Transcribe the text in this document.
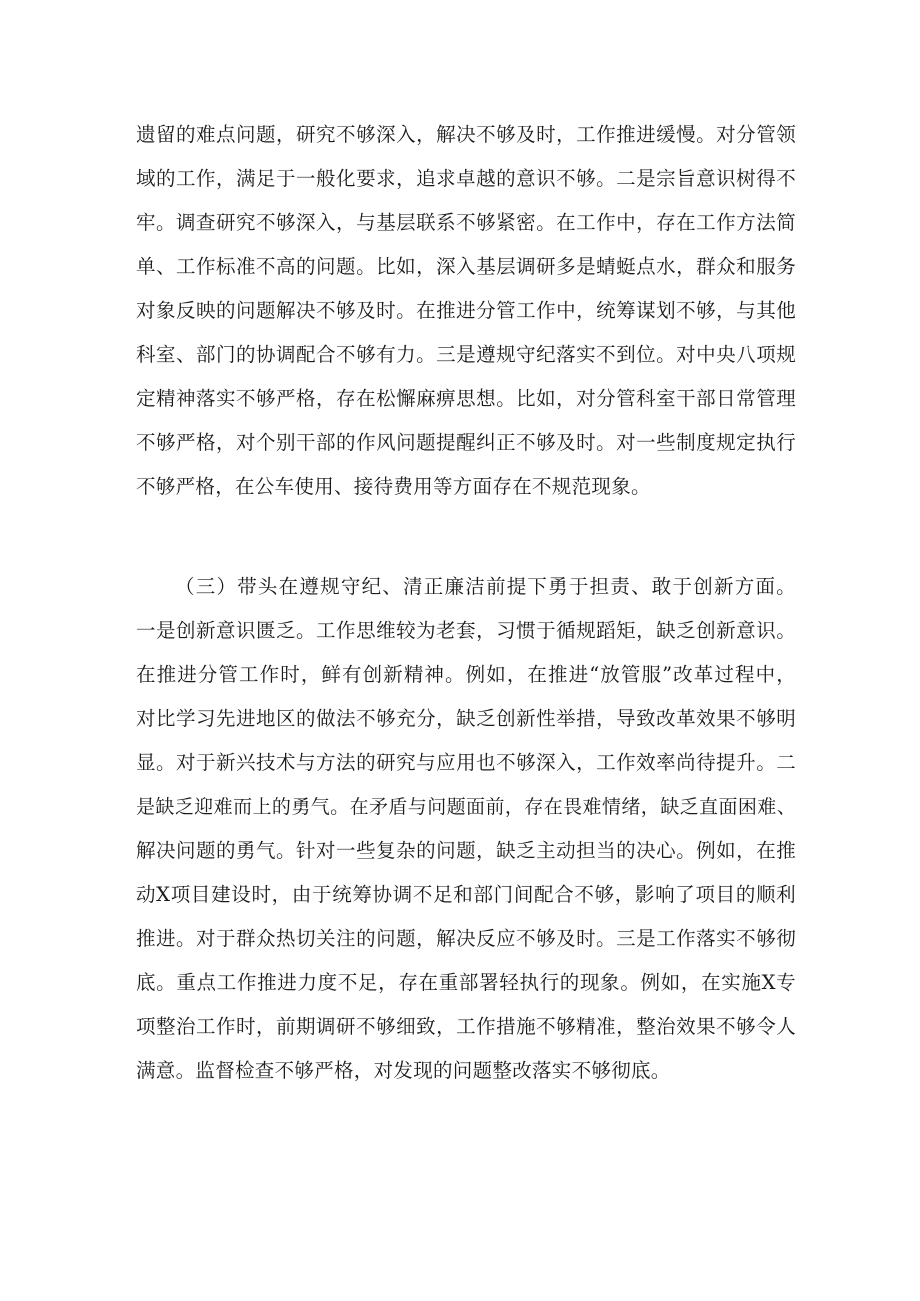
遗留的难点问题，研究不够深入，解决不够及时，工作推进缓慢。对分管领
域的工作，满足于一般化要求，追求卓越的意识不够。二是宗旨意识树得不
牢。调查研究不够深入，与基层联系不够紧密。在工作中，存在工作方法简
单、工作标准不高的问题。比如，深入基层调研多是蜻蜓点水，群众和服务
对象反映的问题解决不够及时。在推进分管工作中，统筹谋划不够，与其他
科室、部门的协调配合不够有力。三是遵规守纪落实不到位。对中央八项规
定精神落实不够严格，存在松懈麻痹思想。比如，对分管科室干部日常管理
不够严格，对个别干部的作风问题提醒纠正不够及时。对一些制度规定执行
不够严格，在公车使用、接待费用等方面存在不规范现象。
（三）带头在遵规守纪、清正廉洁前提下勇于担责、敢于创新方面。
一是创新意识匮乏。工作思维较为老套，习惯于循规蹈矩，缺乏创新意识。
在推进分管工作时，鲜有创新精神。例如，在推进“放管服”改革过程中，
对比学习先进地区的做法不够充分，缺乏创新性举措，导致改革效果不够明
显。对于新兴技术与方法的研究与应用也不够深入，工作效率尚待提升。二
是缺乏迎难而上的勇气。在矛盾与问题面前，存在畏难情绪，缺乏直面困难、
解决问题的勇气。针对一些复杂的问题，缺乏主动担当的决心。例如，在推
动X项目建设时，由于统筹协调不足和部门间配合不够，影响了项目的顺利
推进。对于群众热切关注的问题，解决反应不够及时。三是工作落实不够彻
底。重点工作推进力度不足，存在重部署轻执行的现象。例如，在实施X专
项整治工作时，前期调研不够细致，工作措施不够精准，整治效果不够令人
满意。监督检查不够严格，对发现的问题整改落实不够彻底。
